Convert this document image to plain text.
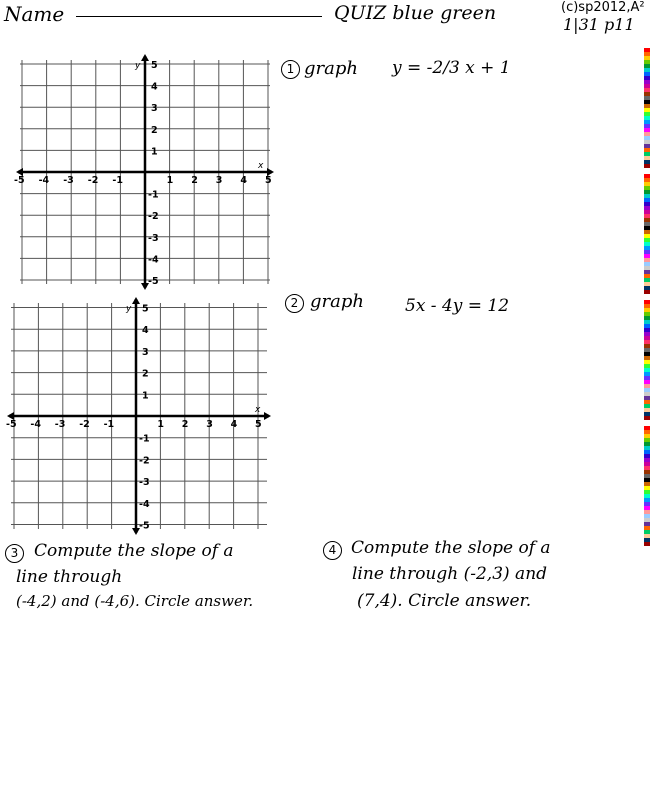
Name	QUIZ blue green	(c)sp2012,A²
1|31 p11
-5 -4 -3 -2 -1	1 2 3 4 5
5
4
3
2
1
-1
-2
-3
-4
-5
x
y
-5 -4 -3 -2 -1	1 2 3 4 5
5
4
3
2
1
-1
-2
-3
-4
-5
x
y
1 graph y = -2/3 x + 1
2 graph 5x - 4y = 12
3 Compute the slope of a
line through
(-4,2) and (-4,6). Circle answer.
4 Compute the slope of a
line through (-2,3) and
(7,4). Circle answer.
